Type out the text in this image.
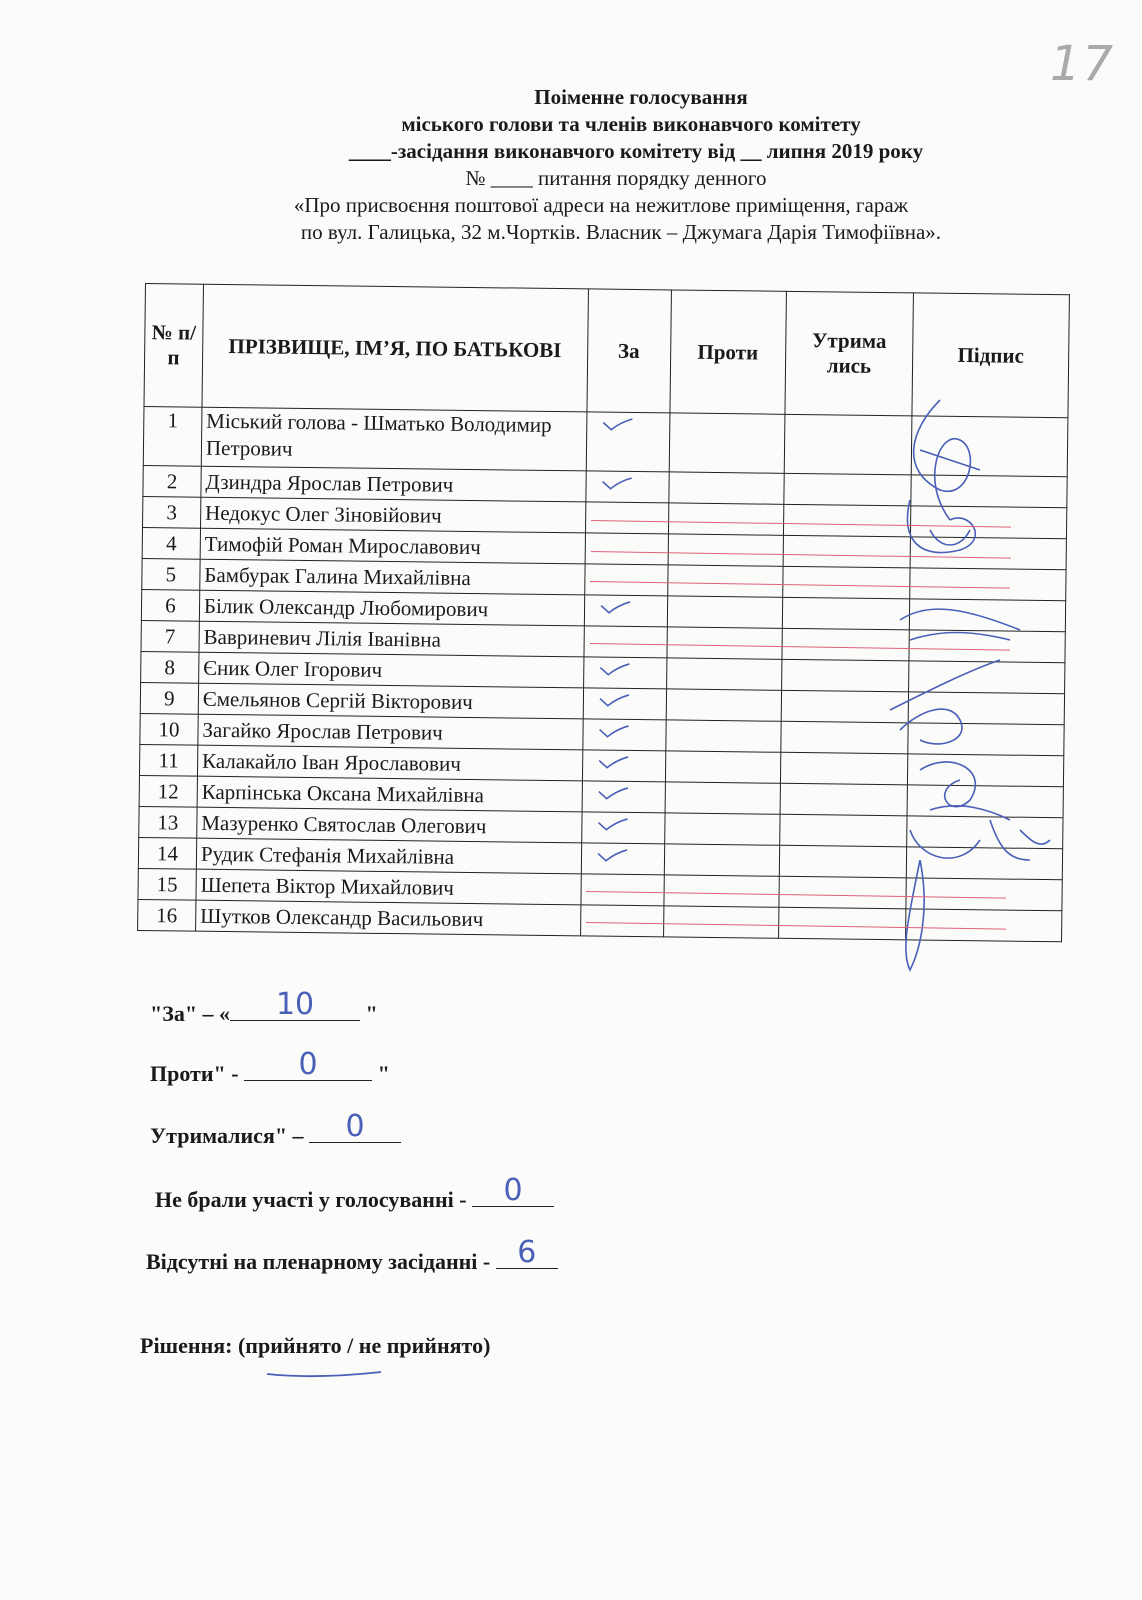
17
Поіменне голосування
міського голови та членів виконавчого комітету
____-засідання виконавчого комітету від __ липня 2019 року
№ ____ питання порядку денного
«Про присвоєння поштової адреси на нежитлове приміщення, гараж
по вул. Галицька, 32 м.Чортків. Власник – Джумага Дарія Тимофіївна».
№ п/п	ПРІЗВИЩЕ, ІМ’Я, ПО БАТЬКОВІ	За	Проти	Утрима лись	Підпис
1	Міський голова - Шматько Володимир Петрович	

2	Дзиндра Ярослав Петрович	

3	Недокус Олег Зіновійович				
4	Тимофій Роман Мирославович				
5	Бамбурак Галина Михайлівна				
6	Білик Олександр Любомирович	

7	Вавриневич Лілія Іванівна				
8	Єник Олег Ігорович	

9	Ємельянов Сергій Вікторович	

10	Загайко Ярослав Петрович	

11	Калакайло Іван Ярославович	

12	Карпінська Оксана Михайлівна	

13	Мазуренко Святослав Олегович	

14	Рудик Стефанія Михайлівна	

15	Шепета Віктор Михайлович				
16	Шутков Олександр Васильович				
"За" – «	10	"
Проти" -	0	"
Утрималися" –	0
Не брали участі у голосуванні -	0
Відсутні на пленарному засіданні - 6
Рішення: (прийнято / не прийнято)
